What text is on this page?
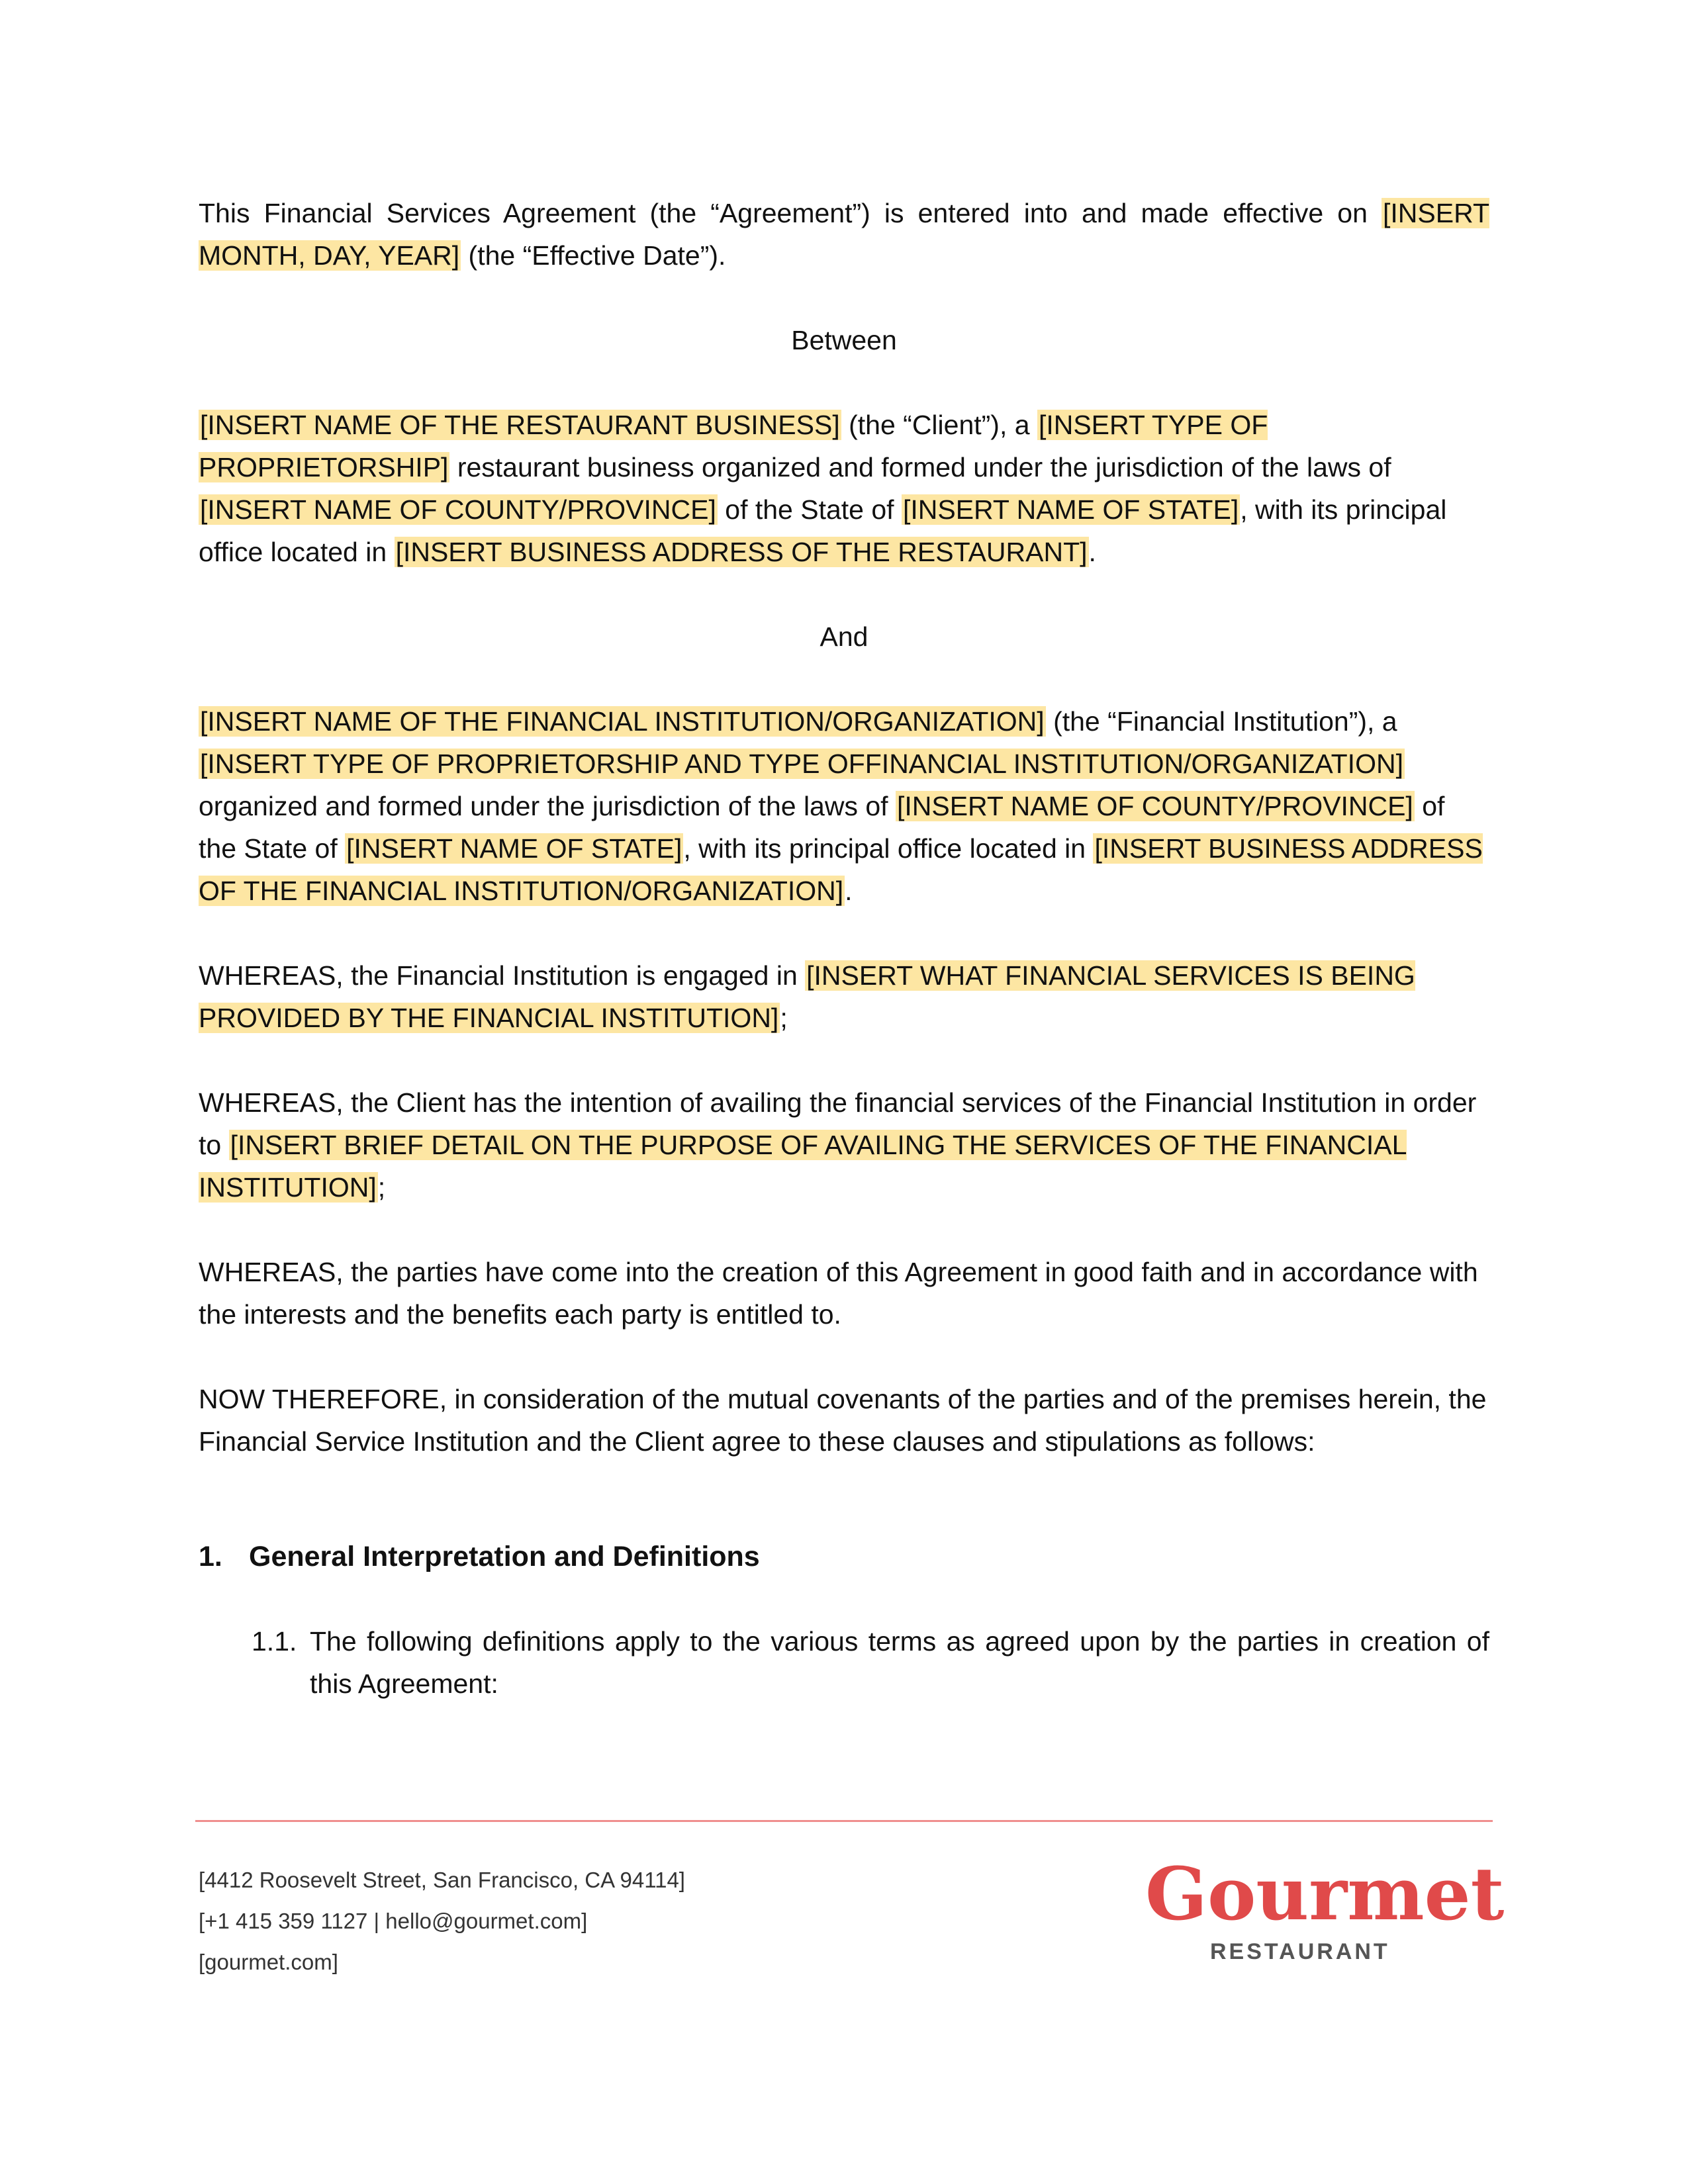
This Financial Services Agreement (the “Agreement”) is entered into and made effective on [INSERT MONTH, DAY, YEAR] (the “Effective Date”).

Between

[INSERT NAME OF THE RESTAURANT BUSINESS] (the “Client”), a [INSERT TYPE OF PROPRIETORSHIP] restaurant business organized and formed under the jurisdiction of the laws of [INSERT NAME OF COUNTY/PROVINCE] of the State of [INSERT NAME OF STATE], with its principal office located in [INSERT BUSINESS ADDRESS OF THE RESTAURANT].

And

[INSERT NAME OF THE FINANCIAL INSTITUTION/ORGANIZATION] (the “Financial Institution”), a [INSERT TYPE OF PROPRIETORSHIP AND TYPE OFFINANCIAL INSTITUTION/ORGANIZATION] organized and formed under the jurisdiction of the laws of [INSERT NAME OF COUNTY/PROVINCE] of the State of [INSERT NAME OF STATE], with its principal office located in [INSERT BUSINESS ADDRESS OF THE FINANCIAL INSTITUTION/ORGANIZATION].

WHEREAS, the Financial Institution is engaged in [INSERT WHAT FINANCIAL SERVICES IS BEING PROVIDED BY THE FINANCIAL INSTITUTION];

WHEREAS, the Client has the intention of availing the financial services of the Financial Institution in order to [INSERT BRIEF DETAIL ON THE PURPOSE OF AVAILING THE SERVICES OF THE FINANCIAL INSTITUTION];

WHEREAS, the parties have come into the creation of this Agreement in good faith and in accordance with the interests and the benefits each party is entitled to.

NOW THEREFORE, in consideration of the mutual covenants of the parties and of the premises herein, the Financial Service Institution and the Client agree to these clauses and stipulations as follows:

1. General Interpretation and Definitions
1.1. The following definitions apply to the various terms as agreed upon by the parties in creation of this Agreement:
[4412 Roosevelt Street, San Francisco, CA 94114]
[+1 415 359 1127 | hello@gourmet.com]
[gourmet.com]
Gourmet
RESTAURANT
